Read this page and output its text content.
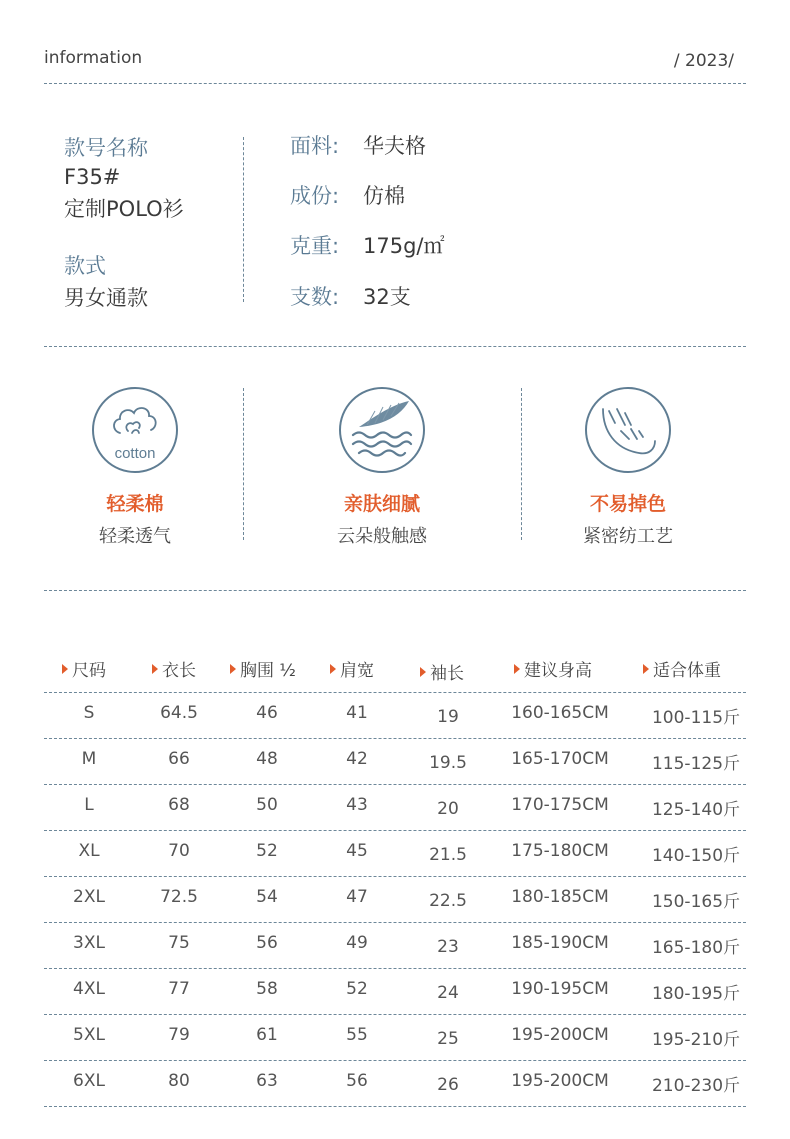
information	/ 2023/
款号名称
F35#
定制POLO衫
款式
男女通款
面料:	华夫格
成份:	仿棉
克重:	175g/㎡
支数:	32支
cotton
轻柔棉
轻柔透气
亲肤细腻
云朵般触感
不易掉色
紧密纺工艺
尺码	衣长	胸围 ½	肩宽	袖长	建议身高	适合体重
S	64.5	46	41	19	160-165CM	100-115斤
M	66	48	42	19.5	165-170CM	115-125斤
L	68	50	43	20	170-175CM	125-140斤
XL	70	52	45	21.5	175-180CM	140-150斤
2XL	72.5	54	47	22.5	180-185CM	150-165斤
3XL	75	56	49	23	185-190CM	165-180斤
4XL	77	58	52	24	190-195CM	180-195斤
5XL	79	61	55	25	195-200CM	195-210斤
6XL	80	63	56	26	195-200CM	210-230斤
